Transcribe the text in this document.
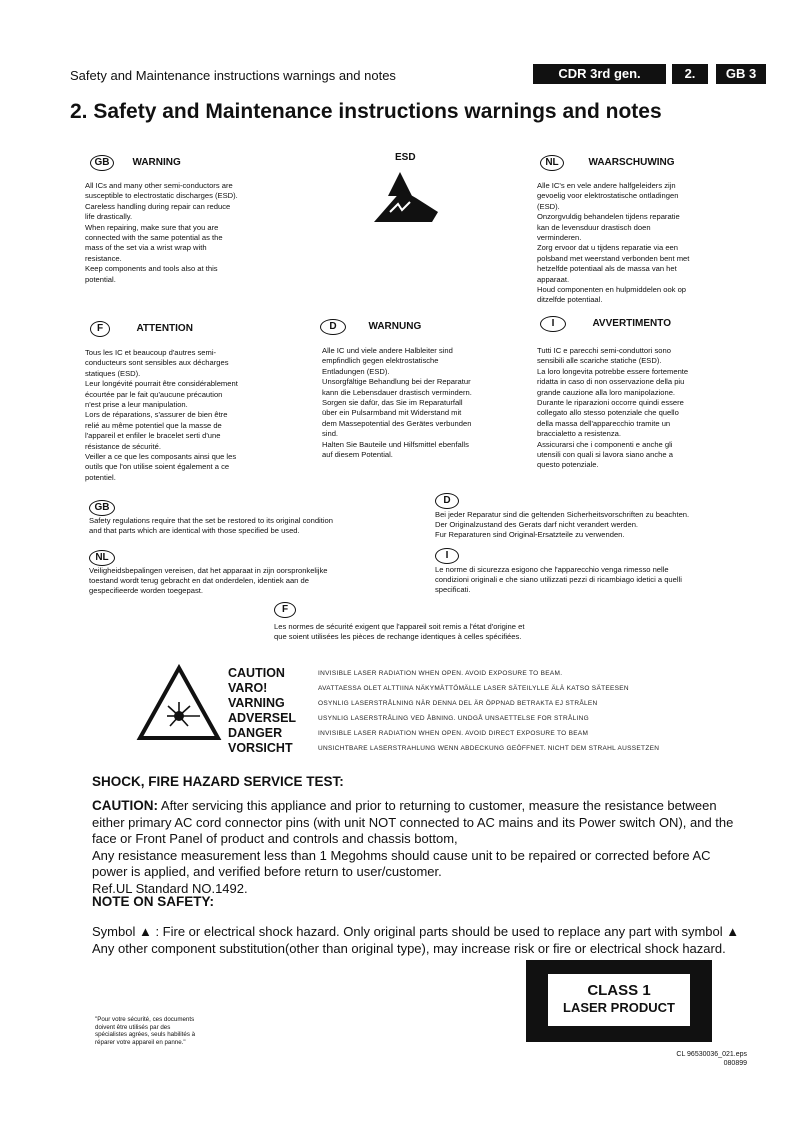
Safety and Maintenance instructions warnings and notes	CDR 3rd gen.	2.	GB 3
2. Safety and Maintenance instructions warnings and notes
ESD
GB WARNING
All ICs and many other semi-conductors are
susceptible to electrostatic discharges (ESD).
Careless handling during repair can reduce
life drastically.
When repairing, make sure that you are
connected with the same potential as the
mass of the set via a wrist wrap with
resistance.
Keep components and tools also at this
potential.
NL	WAARSCHUWING
Alle IC's en vele andere halfgeleiders zijn
gevoelig voor elektrostatische ontladingen
(ESD).
Onzorgvuldig behandelen tijdens reparatie
kan de levensduur drastisch doen
verminderen.
Zorg ervoor dat u tijdens reparatie via een
polsband met weerstand verbonden bent met
hetzelfde potentiaal als de massa van het
apparaat.
Houd componenten en hulpmiddelen ook op
ditzelfde potentiaal.
F	ATTENTION
Tous les IC et beaucoup d'autres semi-
conducteurs sont sensibles aux décharges
statiques (ESD).
Leur longévité pourrait être considérablement
écourtée par le fait qu'aucune précaution
n'est prise a leur manipulation.
Lors de réparations, s'assurer de bien être
relié au même potentiel que la masse de
l'appareil et enfiler le bracelet serti d'une
résistance de sécurité.
Veiller a ce que les composants ainsi que les
outils que l'on utilise soient également a ce
potentiel.
D	WARNUNG
Alle IC und viele andere Halbleiter sind
empfindlich gegen elektrostatische
Entladungen (ESD).
Unsorgfältige Behandlung bei der Reparatur
kann die Lebensdauer drastisch vermindern.
Sorgen sie dafür, das Sie im Reparaturfall
über ein Pulsarmband mit Widerstand mit
dem Massepotential des Gerätes verbunden
sind.
Halten Sie Bauteile und Hilfsmittel ebenfalls
auf diesem Potential.
I	AVVERTIMENTO
Tutti IC e parecchi semi-conduttori sono
sensibili alle scariche statiche (ESD).
La loro longevita potrebbe essere fortemente
ridatta in caso di non osservazione della piu
grande cauzione alla loro manipolazione.
Durante le riparazioni occorre quindi essere
collegato allo stesso potenziale che quello
della massa dell'apparecchio tramite un
braccialetto a resistenza.
Assicurarsi che i componenti e anche gli
utensili con quali si lavora siano anche a
questo potenziale.
GB
Safety regulations require that the set be restored to its original condition
and that parts which are identical with those specified be used.
D
Bei jeder Reparatur sind die geltenden Sicherheitsvorschriften zu beachten.
Der Originalzustand des Gerats darf nicht verandert werden.
Fur Reparaturen sind Original-Ersatzteile zu verwenden.
NL
Veiligheidsbepalingen vereisen, dat het apparaat in zijn oorspronkelijke
toestand wordt terug gebracht en dat onderdelen, identiek aan de
gespecifieerde worden toegepast.
I
Le norme di sicurezza esigono che l'apparecchio venga rimesso nelle
condizioni originali e che siano utilizzati pezzi di ricambiago idetici a quelli
specificati.
F
Les normes de sécurité exigent que l'appareil soit remis a l'état d'origine et
que soient utilisées les pièces de rechange identiques à celles spécifiées.
CAUTION	INVISIBLE LASER RADIATION WHEN OPEN. AVOID EXPOSURE TO BEAM.
VARO!	AVATTAESSA OLET ALTTIINA NÄKYMÄTTÖMÄLLE LASER SÄTEILYLLE ÄLÄ KATSO SÄTEESEN
VARNING	OSYNLIG LASERSTRÅLNING NÄR DENNA DEL ÄR ÖPPNAD BETRAKTA EJ STRÅLEN
ADVERSEL	USYNLIG LASERSTRÅLING VED ÅBNING. UNDGÅ UNSAETTELSE FOR STRÅLING
DANGER	INVISIBLE LASER RADIATION WHEN OPEN. AVOID DIRECT EXPOSURE TO BEAM
VORSICHT	UNSICHTBARE LASERSTRAHLUNG WENN ABDECKUNG GEÖFFNET. NICHT DEM STRAHL AUSSETZEN
SHOCK, FIRE HAZARD SERVICE TEST:
CAUTION: After servicing this appliance and prior to returning to customer, measure the resistance between
either primary AC cord connector pins (with unit NOT connected to AC mains and its Power switch ON), and the
face or Front Panel of product and controls and chassis bottom,
Any resistance measurement less than 1 Megohms should cause unit to be repaired or corrected before AC
power is applied, and verified before return to user/customer.
Ref.UL Standard NO.1492.
NOTE ON SAFETY:
Symbol ▲ : Fire or electrical shock hazard. Only original parts should be used to replace any part with symbol ▲
Any other component substitution(other than original type), may increase risk or fire or electrical shock hazard.
CLASS 1
LASER PRODUCT
"Pour votre sécurité, ces documents
doivent être utilisés par des
spécialistes agrées, seuls habilités à
réparer votre appareil en panne."
CL 96530036_021.eps
080899
